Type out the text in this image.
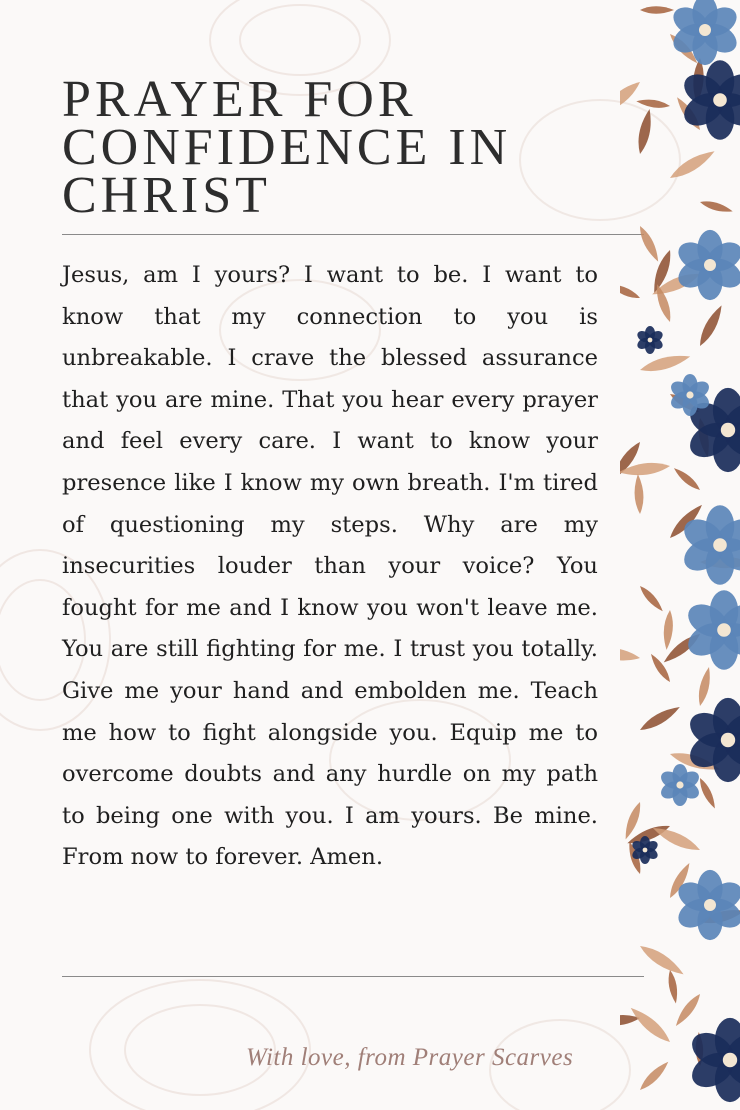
PRAYER FOR CONFIDENCE IN CHRIST

Jesus, am I yours? I want to be. I want to know that my connection to you is unbreakable. I crave the blessed assurance that you are mine. That you hear every prayer and feel every care. I want to know your presence like I know my own breath. I'm tired of questioning my steps. Why are my insecurities louder than your voice? You fought for me and I know you won't leave me. You are still fighting for me. I trust you totally. Give me your hand and embolden me. Teach me how to fight alongside you. Equip me to overcome doubts and any hurdle on my path to being one with you. I am yours. Be mine. From now to forever. Amen.

With love, from Prayer Scarves
